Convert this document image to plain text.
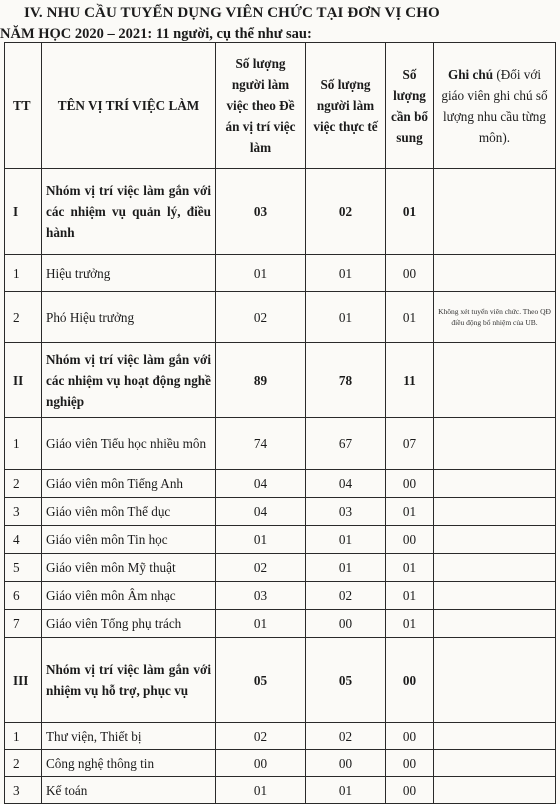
IV. NHU CẦU TUYỂN DỤNG VIÊN CHỨC TẠI ĐƠN VỊ CHO
NĂM HỌC 2020 – 2021: 11 người, cụ thể như sau:
TT	TÊN VỊ TRÍ VIỆC LÀM	Số lượng người làm việc theo Đề án vị trí việc làm	Số lượng người làm việc thực tế	Số lượng cần bổ sung	Ghi chú (Đối với giáo viên ghi chú số lượng nhu cầu từng môn).
I	Nhóm vị trí việc làm gắn với các nhiệm vụ quản lý, điều hành	03	02	01	
1	Hiệu trưởng	01	01	00	
2	Phó Hiệu trưởng	02	01	01	Không xét tuyển viên chức. Theo QĐ điều động bổ nhiệm của UB.
II	Nhóm vị trí việc làm gắn với các nhiệm vụ hoạt động nghề nghiệp	89	78	11	
1	Giáo viên Tiểu học nhiều môn	74	67	07	
2	Giáo viên môn Tiếng Anh	04	04	00	
3	Giáo viên môn Thể dục	04	03	01	
4	Giáo viên môn Tin học	01	01	00	
5	Giáo viên môn Mỹ thuật	02	01	01	
6	Giáo viên môn Âm nhạc	03	02	01	
7	Giáo viên Tổng phụ trách	01	00	01	
III	Nhóm vị trí việc làm gắn với nhiệm vụ hỗ trợ, phục vụ	05	05	00	
1	Thư viện, Thiết bị	02	02	00	
2	Công nghệ thông tin	00	00	00	
3	Kế toán	01	01	00	
